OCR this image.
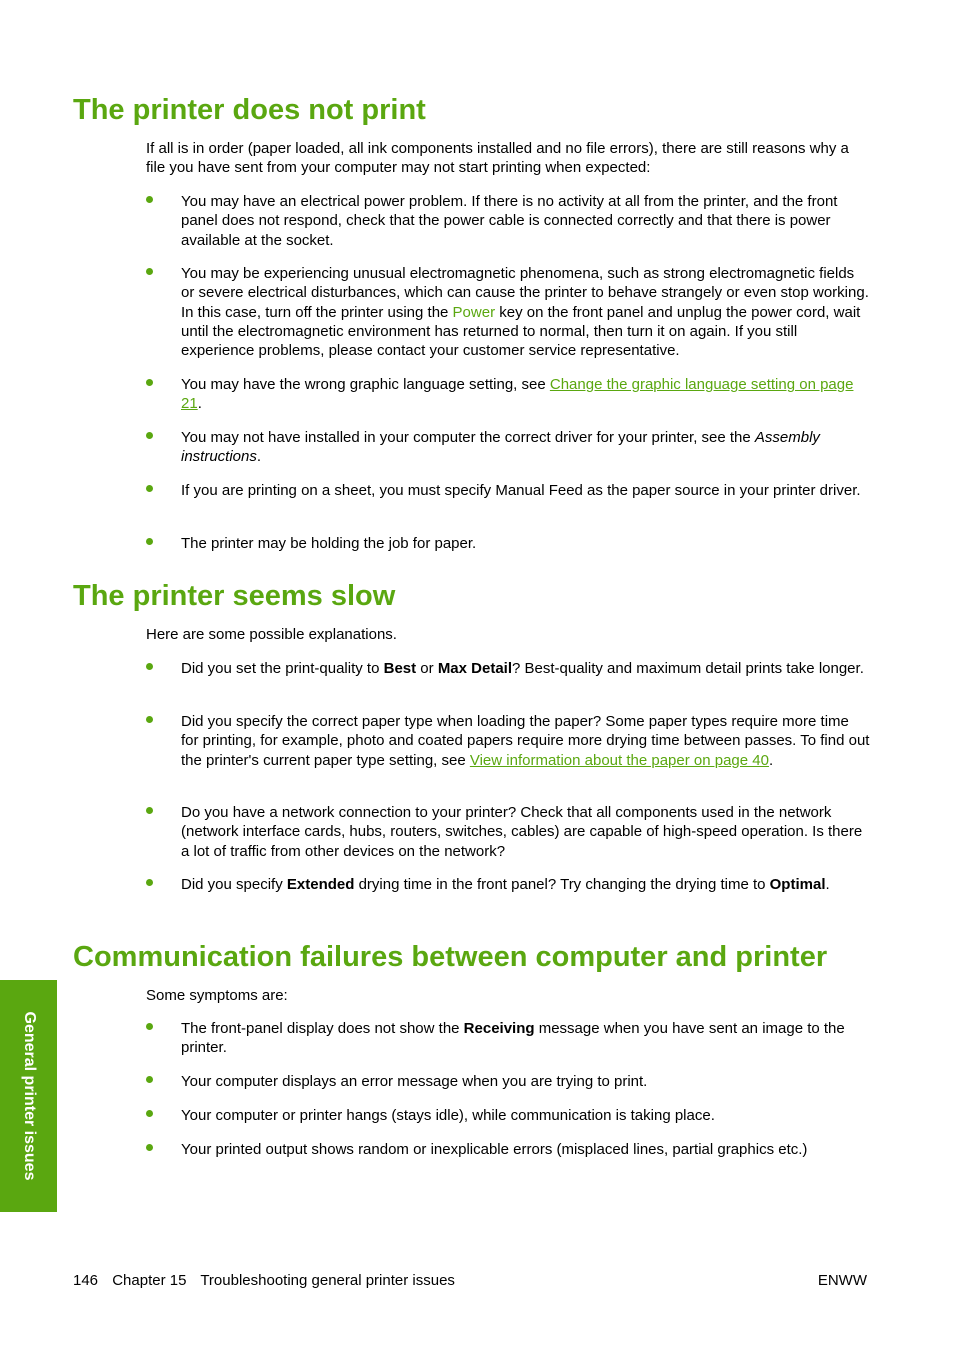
The printer does not print

If all is in order (paper loaded, all ink components installed and no file errors), there are still reasons why a file you have sent from your computer may not start printing when expected:

You may have an electrical power problem. If there is no activity at all from the printer, and the front panel does not respond, check that the power cable is connected correctly and that there is power available at the socket.

You may be experiencing unusual electromagnetic phenomena, such as strong electromagnetic fields or severe electrical disturbances, which can cause the printer to behave strangely or even stop working. In this case, turn off the printer using the Power key on the front panel and unplug the power cord, wait until the electromagnetic environment has returned to normal, then turn it on again. If you still experience problems, please contact your customer service representative.

You may have the wrong graphic language setting, see Change the graphic language setting on page 21.

You may not have installed in your computer the correct driver for your printer, see the Assembly instructions.

If you are printing on a sheet, you must specify Manual Feed as the paper source in your printer driver.

The printer may be holding the job for paper.

The printer seems slow

Here are some possible explanations.

Did you set the print-quality to Best or Max Detail? Best-quality and maximum detail prints take longer.

Did you specify the correct paper type when loading the paper? Some paper types require more time for printing, for example, photo and coated papers require more drying time between passes. To find out the printer's current paper type setting, see View information about the paper on page 40.

Do you have a network connection to your printer? Check that all components used in the network (network interface cards, hubs, routers, switches, cables) are capable of high-speed operation. Is there a lot of traffic from other devices on the network?

Did you specify Extended drying time in the front panel? Try changing the drying time to Optimal.

Communication failures between computer and printer

Some symptoms are:

The front-panel display does not show the Receiving message when you have sent an image to the printer.

Your computer displays an error message when you are trying to print.

Your computer or printer hangs (stays idle), while communication is taking place.

Your printed output shows random or inexplicable errors (misplaced lines, partial graphics etc.)

General printer issues
146 Chapter 15 Troubleshooting general printer issues	ENWW
